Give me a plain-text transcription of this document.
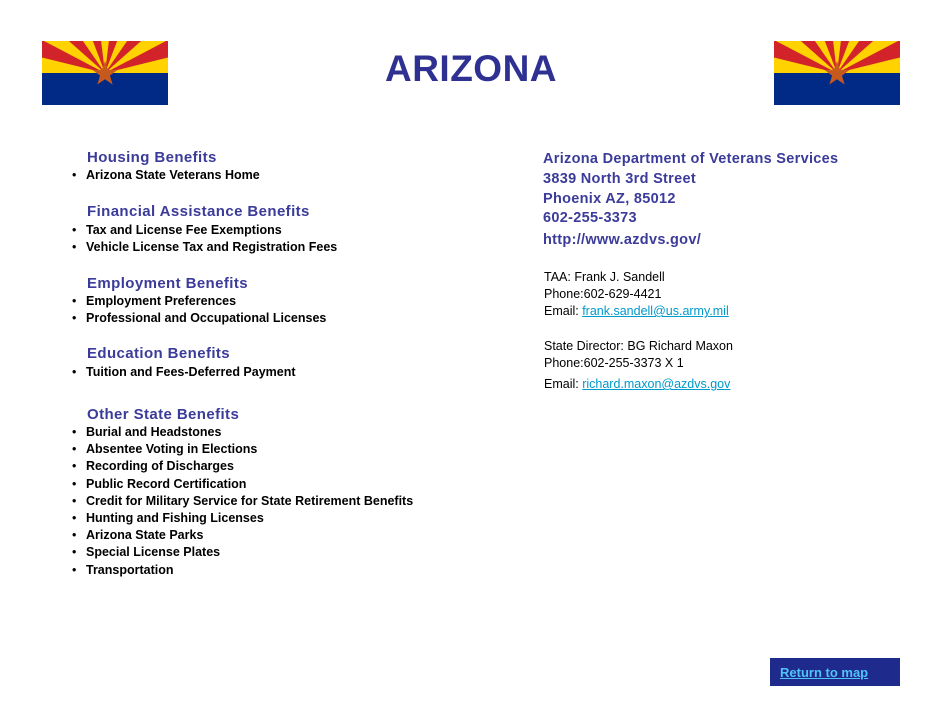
ARIZONA
Housing Benefits
• Arizona State Veterans Home
Financial Assistance Benefits
• Tax and License Fee Exemptions
• Vehicle License Tax and Registration Fees
Employment Benefits
• Employment Preferences
• Professional and Occupational Licenses
Education Benefits
• Tuition and Fees-Deferred Payment
Other State Benefits
• Burial and Headstones
• Absentee Voting in Elections
• Recording of Discharges
• Public Record Certification
• Credit for Military Service for State Retirement Benefits
• Hunting and Fishing Licenses
• Arizona State Parks
• Special License Plates
• Transportation
Arizona Department of Veterans Services
3839 North 3rd Street
Phoenix AZ, 85012
602-255-3373
http://www.azdvs.gov/
TAA: Frank J. Sandell
Phone:602-629-4421
Email: frank.sandell@us.army.mil
State Director: BG Richard Maxon
Phone:602-255-3373 X 1
Email: richard.maxon@azdvs.gov
Return to map
